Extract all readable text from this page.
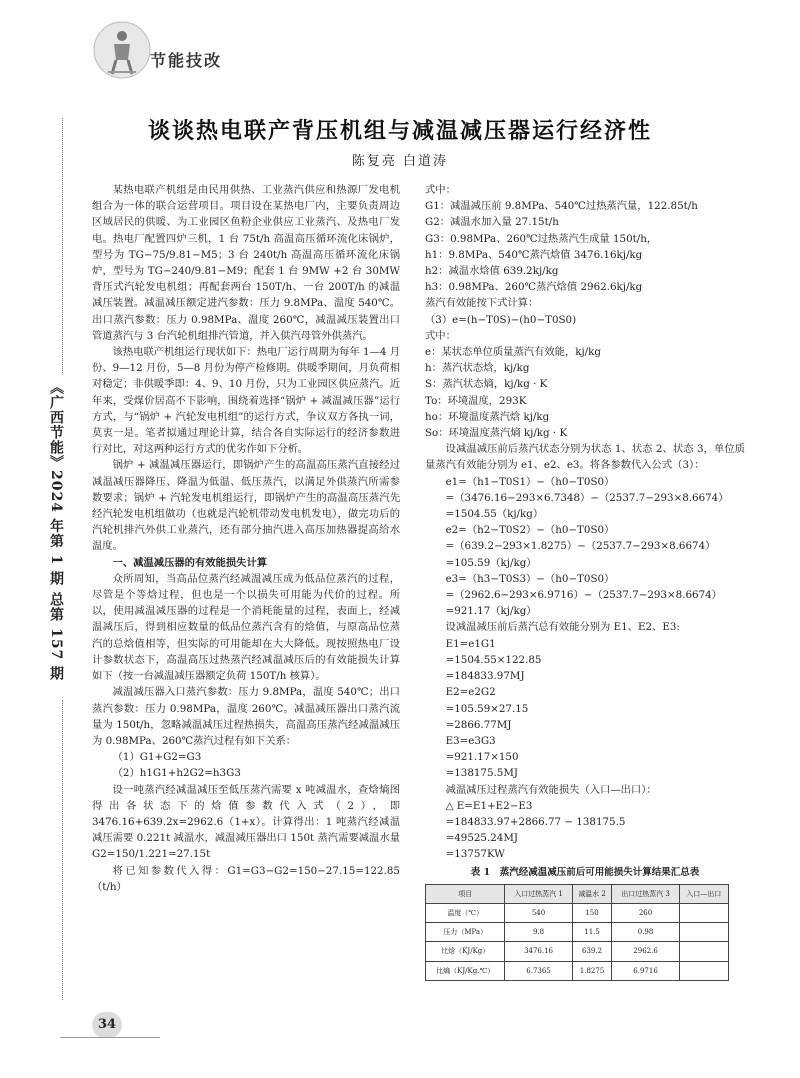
节能技改
《广西节能》2024 年第 1 期 总第 157 期
谈谈热电联产背压机组与减温减压器运行经济性
陈复亮 白道涛

某热电联产机组是由民用供热、工业蒸汽供应和热源厂发电机组合为一体的联合运营项目。项目设在某热电厂内，主要负责周边区域居民的供暖、为工业园区鱼粉企业供应工业蒸汽、及热电厂发电。热电厂配置四炉三机，1 台 75t/h 高温高压循环流化床锅炉，型号为 TG−75/9.81−M5；3 台 240t/h 高温高压循环流化床锅炉，型号为 TG−240/9.81−M9；配套 1 台 9MW +2 台 30MW 背压式汽轮发电机组；再配套两台 150T/h、一台 200T/h 的减温减压装置。减温减压额定进汽参数：压力 9.8MPa、温度 540℃。出口蒸汽参数：压力 0.98MPa、温度 260℃，减温减压装置出口管道蒸汽与 3 台汽轮机组排汽管道，并入供汽母管外供蒸汽。

该热电联产机组运行现状如下：热电厂运行周期为每年 1—4 月份、9—12 月份，5—8 月份为停产检修期。供暖季期间，月负荷相对稳定；非供暖季即：4、9、10 月份，只为工业园区供应蒸汽。近年来，受煤价居高不下影响，围绕着选择“锅炉 + 减温减压器”运行方式，与“锅炉 + 汽轮发电机组”的运行方式，争议双方各执一词，莫衷一是。笔者拟通过理论计算，结合各自实际运行的经济参数进行对比，对这两种运行方式的优劣作如下分析。

锅炉 + 减温减压器运行，即锅炉产生的高温高压蒸汽直接经过减温减压器降压、降温为低温、低压蒸汽，以满足外供蒸汽所需参数要求；锅炉 + 汽轮发电机组运行，即锅炉产生的高温高压蒸汽先经汽轮发电机组做功（也就是汽轮机带动发电机发电），做完功后的汽轮机排汽外供工业蒸汽，还有部分抽汽进入高压加热器提高给水温度。

一、减温减压器的有效能损失计算

众所周知，当高品位蒸汽经减温减压成为低品位蒸汽的过程，尽管是个等焓过程，但也是一个以损失可用能为代价的过程。所以，使用减温减压器的过程是一个消耗能量的过程，表面上，经减温减压后，得到相应数量的低品位蒸汽含有的焓值，与原高品位蒸汽的总焓值相等，但实际的可用能却在大大降低。现按照热电厂设计参数状态下，高温高压过热蒸汽经减温减压后的有效能损失计算如下（按一台减温减压器额定负荷 150T/h 核算）。

减温减压器入口蒸汽参数：压力 9.8MPa，温度 540℃；出口蒸汽参数：压力 0.98MPa，温度 260℃。减温减压器出口蒸汽流量为 150t/h，忽略减温减压过程热损失，高温高压蒸汽经减温减压为 0.98MPa、260℃蒸汽过程有如下关系：

（1）G1+G2=G3

（2）h1G1+h2G2=h3G3

设一吨蒸汽经减温减压至低压蒸汽需要 x 吨减温水，查焓熵图得出各状态下的焓值参数代入式（2），即 3476.16+639.2x=2962.6（1+x）。计算得出：1 吨蒸汽经减温减压需要 0.221t 减温水，减温减压器出口 150t 蒸汽需要减温水量 G2=150/1.221=27.15t

将已知参数代入得：G1=G3−G2=150−27.15=122.85（t/h）

式中：
G1：减温减压前 9.8MPa、540℃过热蒸汽量，122.85t/h
G2：减温水加入量 27.15t/h
G3：0.98MPa、260℃过热蒸汽生成量 150t/h，
h1：9.8MPa、540℃蒸汽焓值 3476.16kj/kg
h2：减温水焓值 639.2kj/kg
h3：0.98MPa、260℃蒸汽焓值 2962.6kj/kg
蒸汽有效能按下式计算：
（3）e=(h−T0S)−(h0−T0S0)
式中：
e：某状态单位质量蒸汽有效能，kj/kg
h：蒸汽状态焓，kj/kg
S：蒸汽状态熵，kj/kg · K
To：环境温度，293K
ho：环境温度蒸汽焓 kj/kg
So：环境温度蒸汽熵 kj/kg · K

设减温减压前后蒸汽状态分别为状态 1、状态 2、状态 3，单位质量蒸汽有效能分别为 e1、e2、e3。将各参数代入公式（3）：

e1=（h1−T0S1）−（h0−T0S0）
=（3476.16−293×6.7348）−（2537.7−293×8.6674）
=1504.55（kj/kg）
e2=（h2−T0S2）−（h0−T0S0）
=（639.2−293×1.8275）−（2537.7−293×8.6674）
=105.59（kj/kg）
e3=（h3−T0S3）−（h0−T0S0）
=（2962.6−293×6.9716）−（2537.7−293×8.6674）
=921.17（kj/kg）
设减温减压前后蒸汽总有效能分别为 E1、E2、E3:
E1=e1G1
=1504.55×122.85
=184833.97MJ
E2=e2G2
=105.59×27.15
=2866.77MJ
E3=e3G3
=921.17×150
=138175.5MJ
减温减压过程蒸汽有效能损失（入口—出口）：
△ E=E1+E2−E3
=184833.97+2866.77 − 138175.5
=49525.24MJ
=13757KW
表 1　蒸汽经减温减压前后可用能损失计算结果汇总表
项目	入口过热蒸汽 1	减温水 2	出口过热蒸汽 3	入口—出口
温度（℃）	540	150	260	
压力（MPa）	9.8	11.5	0.98	
比焓（KJ/Kg）	3476.16	639.2	2962.6	
比熵（KJ/Kg.℃）	6.7365	1.8275	6.9716	
34
